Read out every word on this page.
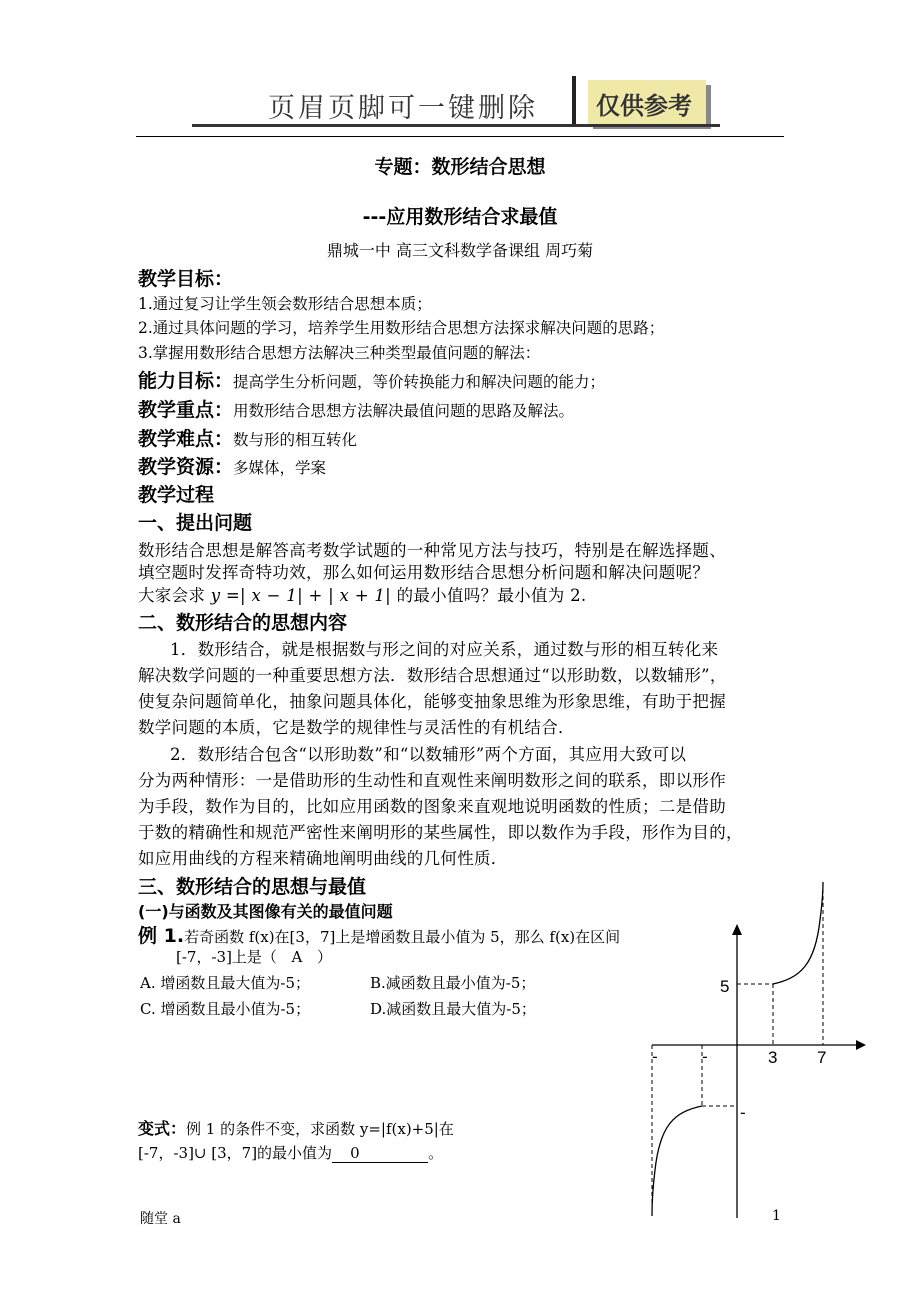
页眉页脚可一键删除 仅供参考
专题：数形结合思想
---应用数形结合求最值
鼎城一中 高三文科数学备课组 周巧菊
教学目标：
1.通过复习让学生领会数形结合思想本质；
2.通过具体问题的学习，培养学生用数形结合思想方法探求解决问题的思路；
3.掌握用数形结合思想方法解决三种类型最值问题的解法：
能力目标：提高学生分析问题，等价转换能力和解决问题的能力；
教学重点：用数形结合思想方法解决最值问题的思路及解法。
教学难点：数与形的相互转化
教学资源：多媒体，学案
教学过程
一、提出问题
数形结合思想是解答高考数学试题的一种常见方法与技巧，特别是在解选择题、
填空题时发挥奇特功效，那么如何运用数形结合思想分析问题和解决问题呢？
大家会求 y =| x − 1| + | x + 1| 的最小值吗？最小值为 2.
二、数形结合的思想内容
1．数形结合，就是根据数与形之间的对应关系，通过数与形的相互转化来
解决数学问题的一种重要思想方法．数形结合思想通过“以形助数，以数辅形”，
使复杂问题简单化，抽象问题具体化，能够变抽象思维为形象思维，有助于把握
数学问题的本质，它是数学的规律性与灵活性的有机结合．
2．数形结合包含“以形助数”和“以数辅形”两个方面，其应用大致可以
分为两种情形：一是借助形的生动性和直观性来阐明数形之间的联系，即以形作
为手段，数作为目的，比如应用函数的图象来直观地说明函数的性质；二是借助
于数的精确性和规范严密性来阐明形的某些属性，即以数作为手段，形作为目的，
如应用曲线的方程来精确地阐明曲线的几何性质．
三、数形结合的思想与最值
(一)与函数及其图像有关的最值问题
例 1.若奇函数 f(x)在[3，7]上是增函数且最小值为 5，那么 f(x)在区间
[-7，-3]上是（ A ）
A. 增函数且最大值为-5；	B.减函数且最小值为-5；
C. 增函数且最小值为-5；	D.减函数且最大值为-5；
变式：例 1 的条件不变，求函数 y=|f(x)+5|在
[-7，-3]∪ [3，7]的最小值为 0	。
5
3 7
-	-
-
随堂 a	1
